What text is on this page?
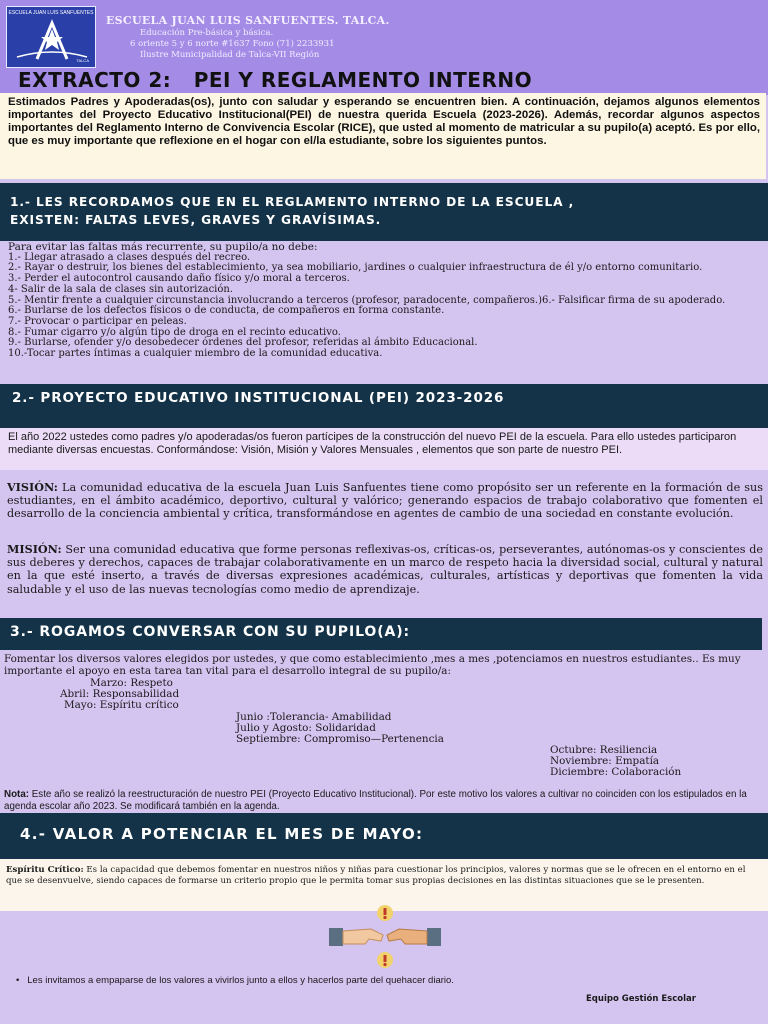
ESCUELA JUAN LUIS SANFUENTES
TALCA
ESCUELA JUAN LUIS SANFUENTES. TALCA.
Educación Pre-básica y básica.
6 oriente 5 y 6 norte #1637 Fono (71) 2233931
Ilustre Municipalidad de Talca-VII Región
EXTRACTO 2:   PEI Y REGLAMENTO INTERNO
Estimados Padres y Apoderadas(os), junto con saludar y esperando se encuentren bien. A continuación, dejamos algunos elementos importantes del Proyecto Educativo Institucional(PEI) de nuestra querida Escuela (2023-2026). Además, recordar algunos aspectos importantes del Reglamento Interno de Convivencia Escolar (RICE), que usted al momento de matricular a su pupilo(a) aceptó. Es por ello, que es muy importante que reflexione en el hogar con el/la estudiante, sobre los siguientes puntos.
1.- LES RECORDAMOS QUE EN EL REGLAMENTO INTERNO DE LA ESCUELA ,
EXISTEN: FALTAS LEVES, GRAVES Y GRAVÍSIMAS.
Para evitar las faltas más recurrente, su pupilo/a no debe:
1.- Llegar atrasado a clases después del recreo.
2.- Rayar o destruir, los bienes del establecimiento, ya sea mobiliario, jardines o cualquier infraestructura de él y/o entorno comunitario.
3.- Perder el autocontrol causando daño físico y/o moral a terceros.
4- Salir de la sala de clases sin autorización.
5.- Mentir frente a cualquier circunstancia involucrando a terceros (profesor, paradocente, compañeros.)6.- Falsificar firma de su apoderado.
6.- Burlarse de los defectos físicos o de conducta, de compañeros en forma constante.
7.- Provocar o participar en peleas.
8.- Fumar cigarro y/o algún tipo de droga en el recinto educativo.
9.- Burlarse, ofender y/o desobedecer órdenes del profesor, referidas al ámbito Educacional.
10.-Tocar partes íntimas a cualquier miembro de la comunidad educativa.
2.- PROYECTO EDUCATIVO INSTITUCIONAL (PEI) 2023-2026
El año 2022 ustedes como padres y/o apoderadas/os fueron partícipes de la construcción del nuevo PEI de la escuela. Para ello ustedes participaron mediante diversas encuestas. Conformándose: Visión, Misión y Valores Mensuales , elementos que son parte de nuestro PEI.
VISIÓN: La comunidad educativa de la escuela Juan Luis Sanfuentes tiene como propósito ser un referente en la formación de sus estudiantes, en el ámbito académico, deportivo, cultural y valórico; generando espacios de trabajo colaborativo que fomenten el desarrollo de la conciencia ambiental y crítica, transformándose en agentes de cambio de una sociedad en constante evolución.
MISIÓN: Ser una comunidad educativa que forme personas reflexivas-os, críticas-os, perseverantes, autónomas-os y conscientes de sus deberes y derechos, capaces de trabajar colaborativamente en un marco de respeto hacia la diversidad social, cultural y natural en la que esté inserto, a través de diversas expresiones académicas, culturales, artísticas y deportivas que fomenten la vida saludable y el uso de las nuevas tecnologías como medio de aprendizaje.
3.- ROGAMOS CONVERSAR CON SU PUPILO(A):
Fomentar los diversos valores elegidos por ustedes, y que como establecimiento ,mes a mes ,potenciamos en nuestros estudiantes.. Es muy importante el apoyo en esta tarea tan vital para el desarrollo integral de su pupilo/a:
Marzo: Respeto
Abril: Responsabilidad
Mayo: Espíritu crítico
Junio :Tolerancia- Amabilidad
Julio y Agosto: Solidaridad
Septiembre: Compromiso—Pertenencia
Octubre: Resiliencia
Noviembre: Empatía
Diciembre: Colaboración
Nota: Este año se realizó la reestructuración de nuestro PEI (Proyecto Educativo Institucional). Por este motivo los valores a cultivar no coinciden con los estipulados en la agenda escolar año 2023. Se modificará también en la agenda.
4.- VALOR A POTENCIAR EL MES DE MAYO:
Espíritu Crítico: Es la capacidad que debemos fomentar en nuestros niños y niñas para cuestionar los principios, valores y normas que se le ofrecen en el entorno en el que se desenvuelve, siendo capaces de formarse un criterio propio que le permita tomar sus propias decisiones en las distintas situaciones que se le presenten.
•   Les invitamos a empaparse de los valores a vivirlos junto a ellos y hacerlos parte del quehacer diario.
Equipo Gestión Escolar
